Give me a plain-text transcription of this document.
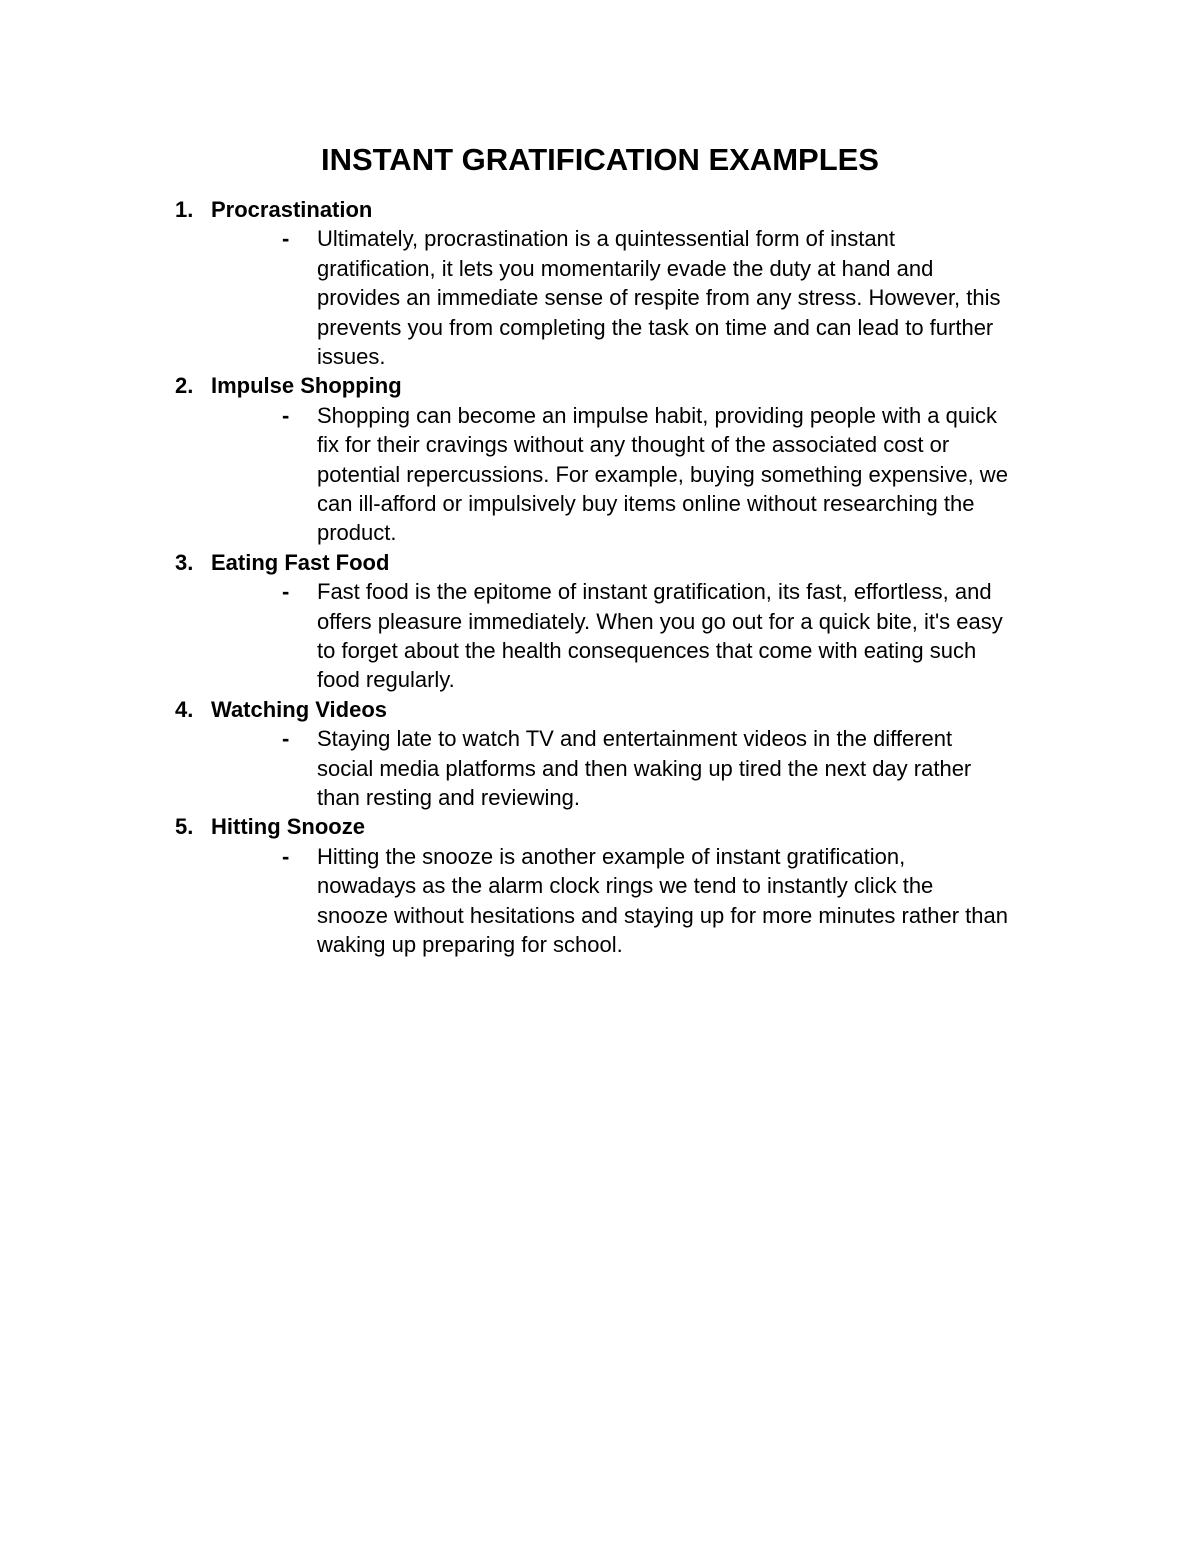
INSTANT GRATIFICATION EXAMPLES
1. Procrastination
- Ultimately, procrastination is a quintessential form of instant
gratification, it lets you momentarily evade the duty at hand and
provides an immediate sense of respite from any stress. However, this
prevents you from completing the task on time and can lead to further
issues.

2. Impulse Shopping
- Shopping can become an impulse habit, providing people with a quick
fix for their cravings without any thought of the associated cost or
potential repercussions. For example, buying something expensive, we
can ill-afford or impulsively buy items online without researching the
product.

3. Eating Fast Food
- Fast food is the epitome of instant gratification, its fast, effortless, and
offers pleasure immediately. When you go out for a quick bite, it's easy
to forget about the health consequences that come with eating such
food regularly.

4. Watching Videos
- Staying late to watch TV and entertainment videos in the different
social media platforms and then waking up tired the next day rather
than resting and reviewing.

5. Hitting Snooze
- Hitting the snooze is another example of instant gratification,
nowadays as the alarm clock rings we tend to instantly click the
snooze without hesitations and staying up for more minutes rather than
waking up preparing for school.
